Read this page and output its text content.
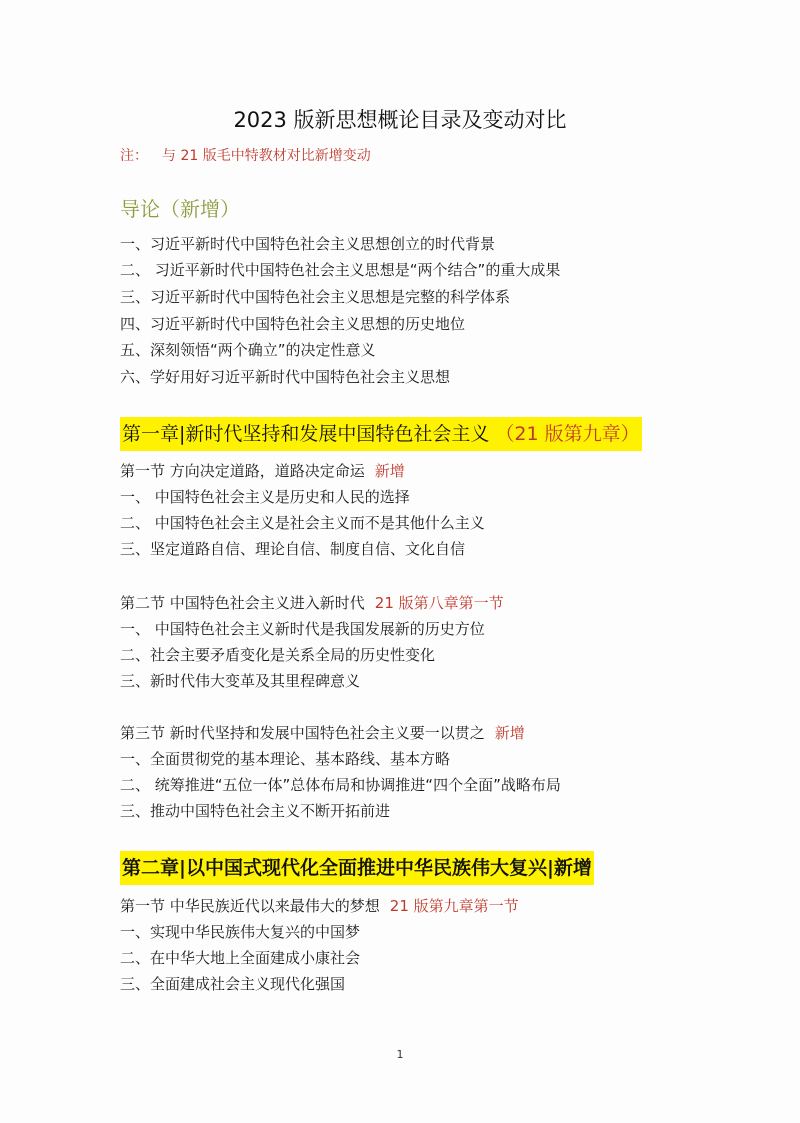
2023 版新思想概论目录及变动对比
注： 与 21 版毛中特教材对比新增变动
导论（新增）
一、习近平新时代中国特色社会主义思想创立的时代背景
二、 习近平新时代中国特色社会主义思想是“两个结合”的重大成果
三、习近平新时代中国特色社会主义思想是完整的科学体系
四、习近平新时代中国特色社会主义思想的历史地位
五、深刻领悟“两个确立”的决定性意义
六、学好用好习近平新时代中国特色社会主义思想
第一章|新时代坚持和发展中国特色社会主义 （21 版第九章）
第一节 方向决定道路，道路决定命运 新增
一、 中国特色社会主义是历史和人民的选择
二、 中国特色社会主义是社会主义而不是其他什么主义
三、坚定道路自信、理论自信、制度自信、文化自信
第二节 中国特色社会主义进入新时代 21 版第八章第一节
一、 中国特色社会主义新时代是我国发展新的历史方位
二、社会主要矛盾变化是关系全局的历史性变化
三、新时代伟大变革及其里程碑意义
第三节 新时代坚持和发展中国特色社会主义要一以贯之 新增
一、全面贯彻党的基本理论、基本路线、基本方略
二、 统筹推进“五位一体”总体布局和协调推进“四个全面”战略布局
三、推动中国特色社会主义不断开拓前进
第二章|以中国式现代化全面推进中华民族伟大复兴|新增
第一节 中华民族近代以来最伟大的梦想 21 版第九章第一节
一、实现中华民族伟大复兴的中国梦
二、在中华大地上全面建成小康社会
三、全面建成社会主义现代化强国
1
